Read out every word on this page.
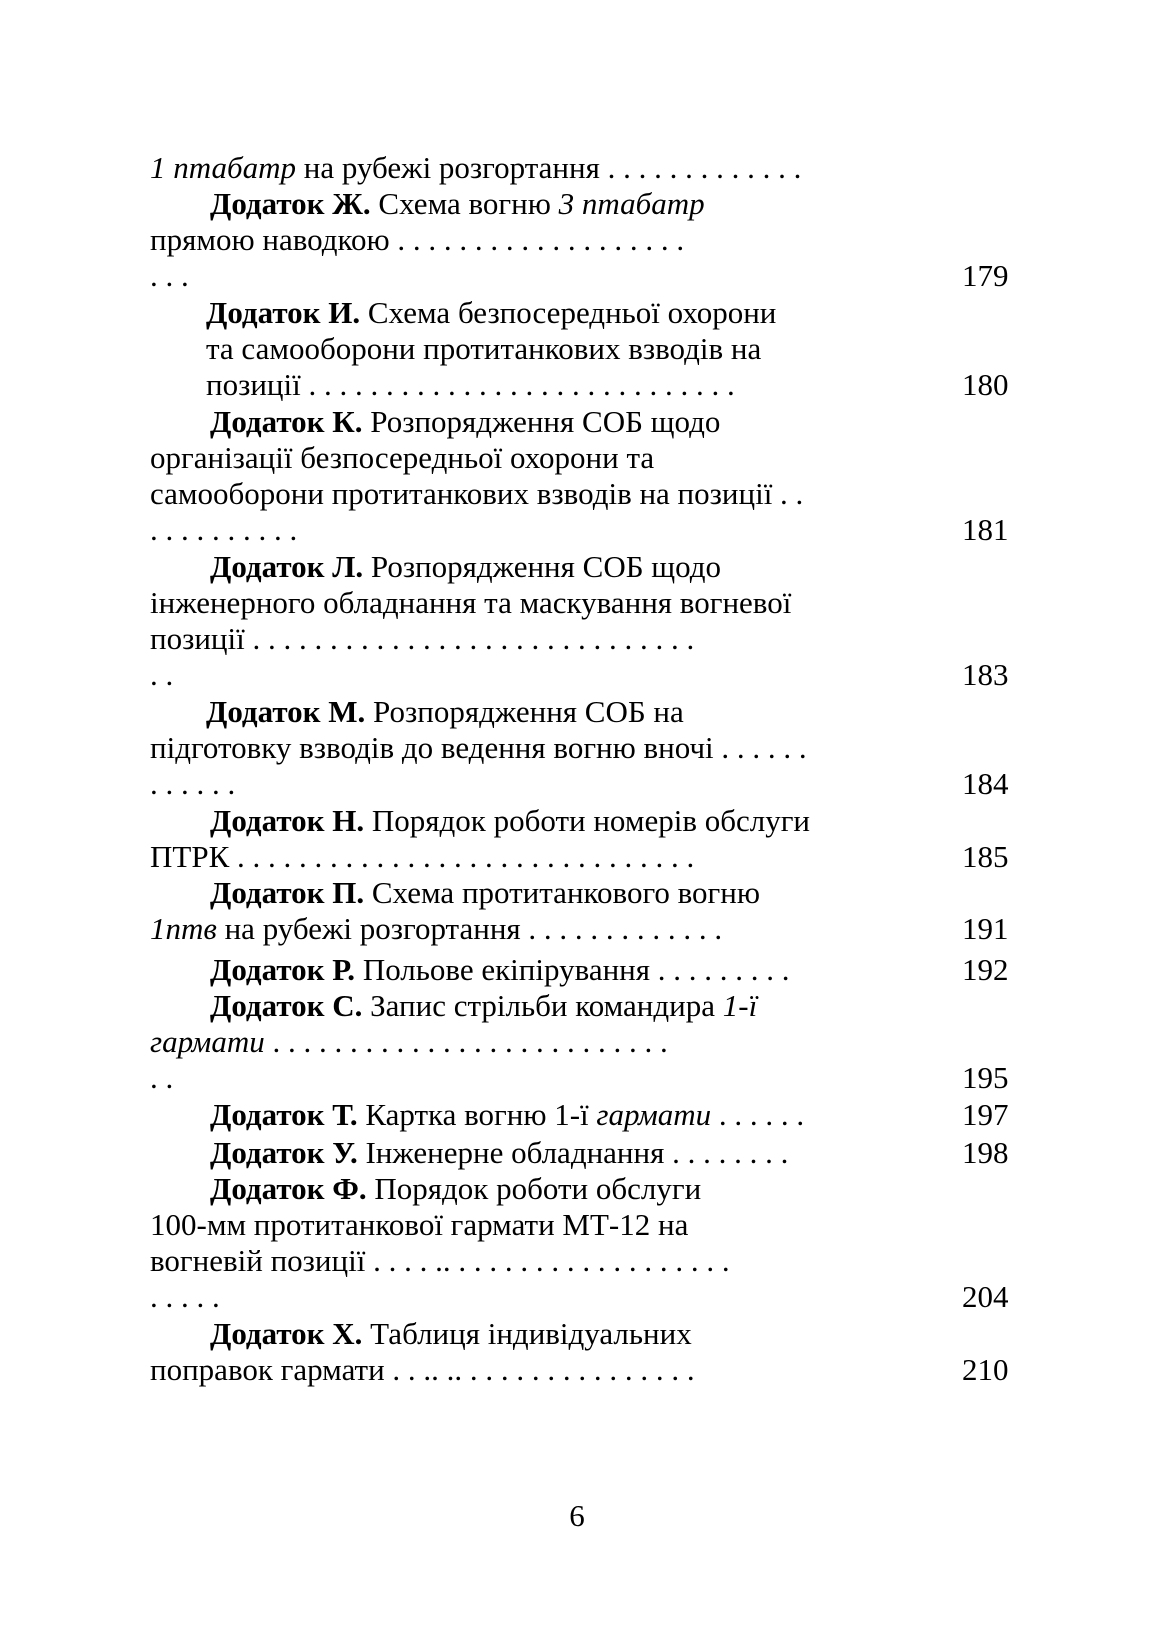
1 птабатр на рубежі розгортання . . . . . . . . . . . . .
Додаток Ж. Схема вогню 3 птабатр
прямою наводкою . . . . . . . . . . . . . . . . . . .
. . .	179
Додаток И. Схема безпосередньої охорони
та самооборони протитанкових взводів на
позиції . . . . . . . . . . . . . . . . . . . . . . . . . . . .	180
Додаток К. Розпорядження СОБ щодо
організації безпосередньої охорони та
самооборони протитанкових взводів на позиції . .
. . . . . . . . . .	181
Додаток Л. Розпорядження СОБ щодо
інженерного обладнання та маскування вогневої
позиції . . . . . . . . . . . . . . . . . . . . . . . . . . . . .
. .	183
Додаток М. Розпорядження СОБ на
підготовку взводів до ведення вогню вночі . . . . . .
. . . . . .	184
Додаток Н. Порядок роботи номерів обслуги
ПТРК . . . . . . . . . . . . . . . . . . . . . . . . . . . . . .	185
Додаток П. Схема протитанкового вогню
1птв на рубежі розгортання . . . . . . . . . . . . .	191
Додаток Р. Польове екіпірування . . . . . . . . .	192
Додаток С. Запис стрільби командира 1-ї
гармати . . . . . . . . . . . . . . . . . . . . . . . . . .
. .	195
Додаток Т. Картка вогню 1-ї гармати . . . . . .	197
Додаток У. Інженерне обладнання . . . . . . . .	198
Додаток Ф. Порядок роботи обслуги
100-мм протитанкової гармати МТ-12 на
вогневій позиції . . . . .. . . . . . . . . . . . . . . . . . .
. . . . .	204
Додаток Х. Таблиця індивідуальних
поправок гармати . . .. .. . . . . . . . . . . . . . . .	210
6
